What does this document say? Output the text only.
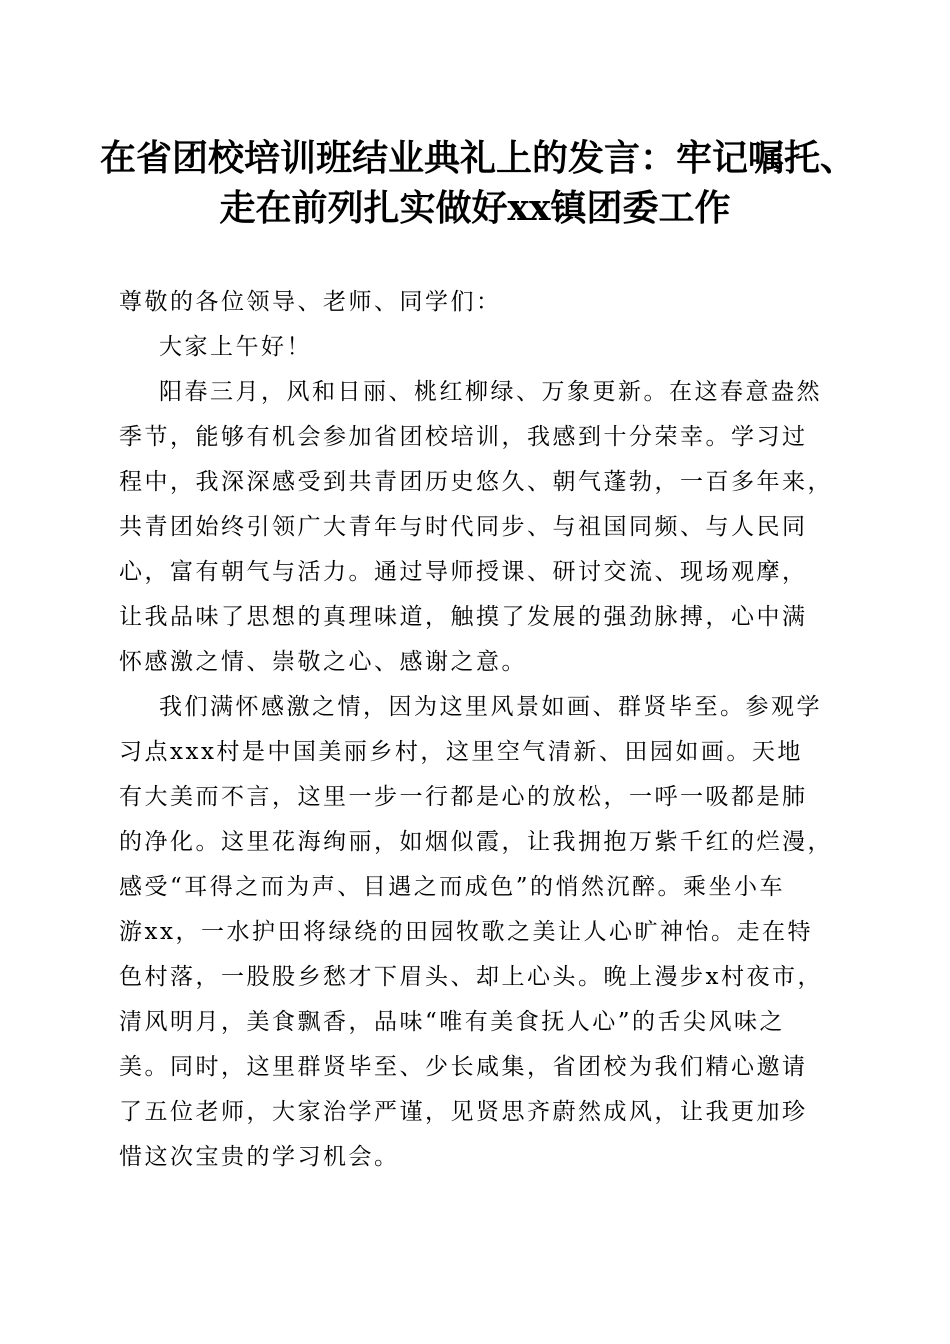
在省团校培训班结业典礼上的发言：牢记嘱托、
走在前列扎实做好xx镇团委工作
尊敬的各位领导、老师、同学们：
大家上午好！
阳春三月，风和日丽、桃红柳绿、万象更新。在这春意盎然
季节，能够有机会参加省团校培训，我感到十分荣幸。学习过
程中，我深深感受到共青团历史悠久、朝气蓬勃，一百多年来，
共青团始终引领广大青年与时代同步、与祖国同频、与人民同
心，富有朝气与活力。通过导师授课、研讨交流、现场观摩，
让我品味了思想的真理味道，触摸了发展的强劲脉搏，心中满
怀感激之情、崇敬之心、感谢之意。
我们满怀感激之情，因为这里风景如画、群贤毕至。参观学
习点xxx村是中国美丽乡村，这里空气清新、田园如画。天地
有大美而不言，这里一步一行都是心的放松，一呼一吸都是肺
的净化。这里花海绚丽，如烟似霞，让我拥抱万紫千红的烂漫，
感受“耳得之而为声、目遇之而成色”的悄然沉醉。乘坐小车
游xx，一水护田将绿绕的田园牧歌之美让人心旷神怡。走在特
色村落，一股股乡愁才下眉头、却上心头。晚上漫步x村夜市，
清风明月，美食飘香，品味“唯有美食抚人心”的舌尖风味之
美。同时，这里群贤毕至、少长咸集，省团校为我们精心邀请
了五位老师，大家治学严谨，见贤思齐蔚然成风，让我更加珍
惜这次宝贵的学习机会。
